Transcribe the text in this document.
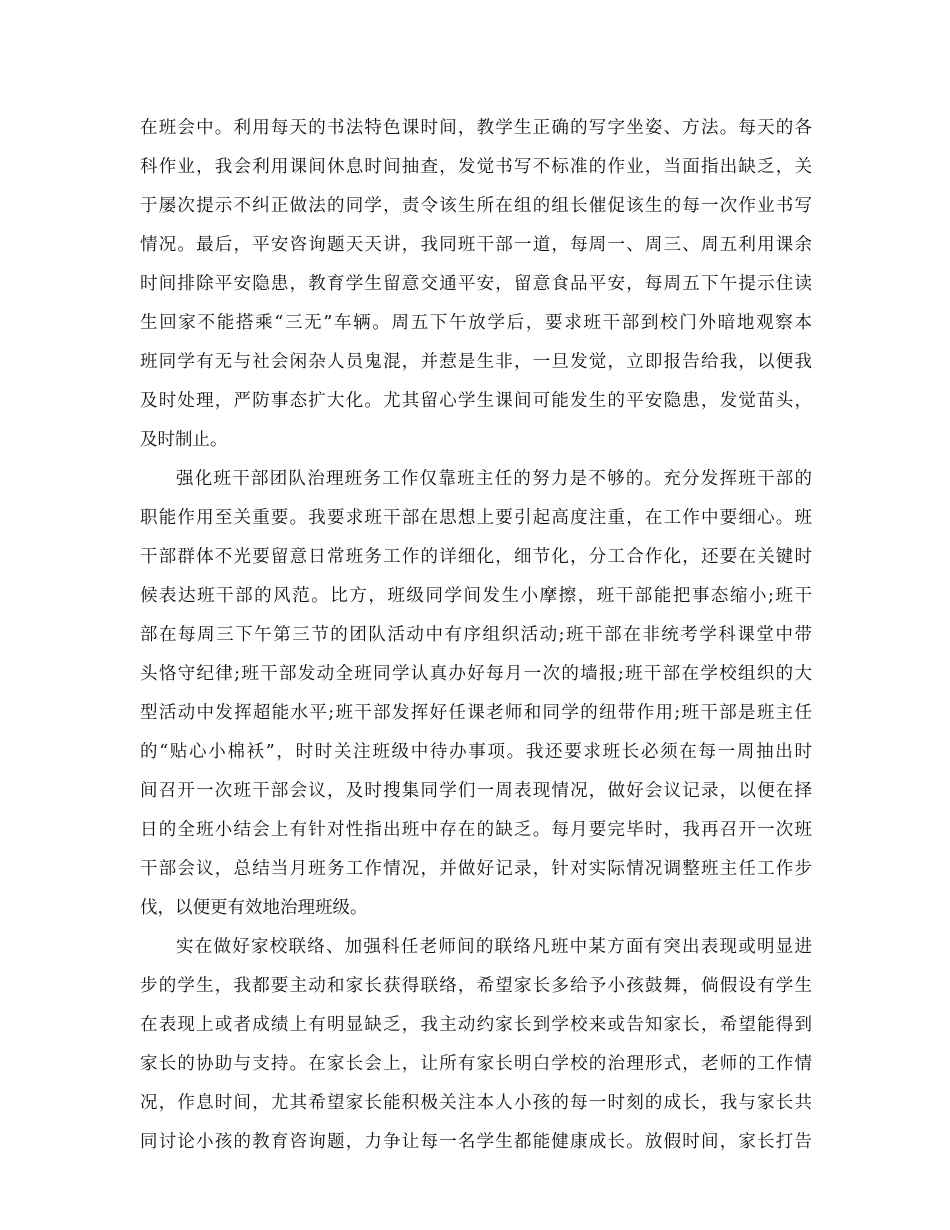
在班会中。利用每天的书法特色课时间，教学生正确的写字坐姿、方法。每天的各
科作业，我会利用课间休息时间抽查，发觉书写不标准的作业，当面指出缺乏，关
于屡次提示不纠正做法的同学，责令该生所在组的组长催促该生的每一次作业书写
情况。最后，平安咨询题天天讲，我同班干部一道，每周一、周三、周五利用课余
时间排除平安隐患，教育学生留意交通平安，留意食品平安，每周五下午提示住读
生回家不能搭乘“三无”车辆。周五下午放学后，要求班干部到校门外暗地观察本
班同学有无与社会闲杂人员鬼混，并惹是生非，一旦发觉，立即报告给我，以便我
及时处理，严防事态扩大化。尤其留心学生课间可能发生的平安隐患，发觉苗头，
及时制止。
强化班干部团队治理班务工作仅靠班主任的努力是不够的。充分发挥班干部的
职能作用至关重要。我要求班干部在思想上要引起高度注重，在工作中要细心。班
干部群体不光要留意日常班务工作的详细化，细节化，分工合作化，还要在关键时
候表达班干部的风范。比方，班级同学间发生小摩擦，班干部能把事态缩小;班干
部在每周三下午第三节的团队活动中有序组织活动;班干部在非统考学科课堂中带
头恪守纪律;班干部发动全班同学认真办好每月一次的墙报;班干部在学校组织的大
型活动中发挥超能水平;班干部发挥好任课老师和同学的纽带作用;班干部是班主任
的“贴心小棉袄”，时时关注班级中待办事项。我还要求班长必须在每一周抽出时
间召开一次班干部会议，及时搜集同学们一周表现情况，做好会议记录，以便在择
日的全班小结会上有针对性指出班中存在的缺乏。每月要完毕时，我再召开一次班
干部会议，总结当月班务工作情况，并做好记录，针对实际情况调整班主任工作步
伐，以便更有效地治理班级。
实在做好家校联络、加强科任老师间的联络凡班中某方面有突出表现或明显进
步的学生，我都要主动和家长获得联络，希望家长多给予小孩鼓舞，倘假设有学生
在表现上或者成绩上有明显缺乏，我主动约家长到学校来或告知家长，希望能得到
家长的协助与支持。在家长会上，让所有家长明白学校的治理形式，老师的工作情
况，作息时间，尤其希望家长能积极关注本人小孩的每一时刻的成长，我与家长共
同讨论小孩的教育咨询题，力争让每一名学生都能健康成长。放假时间，家长打告
